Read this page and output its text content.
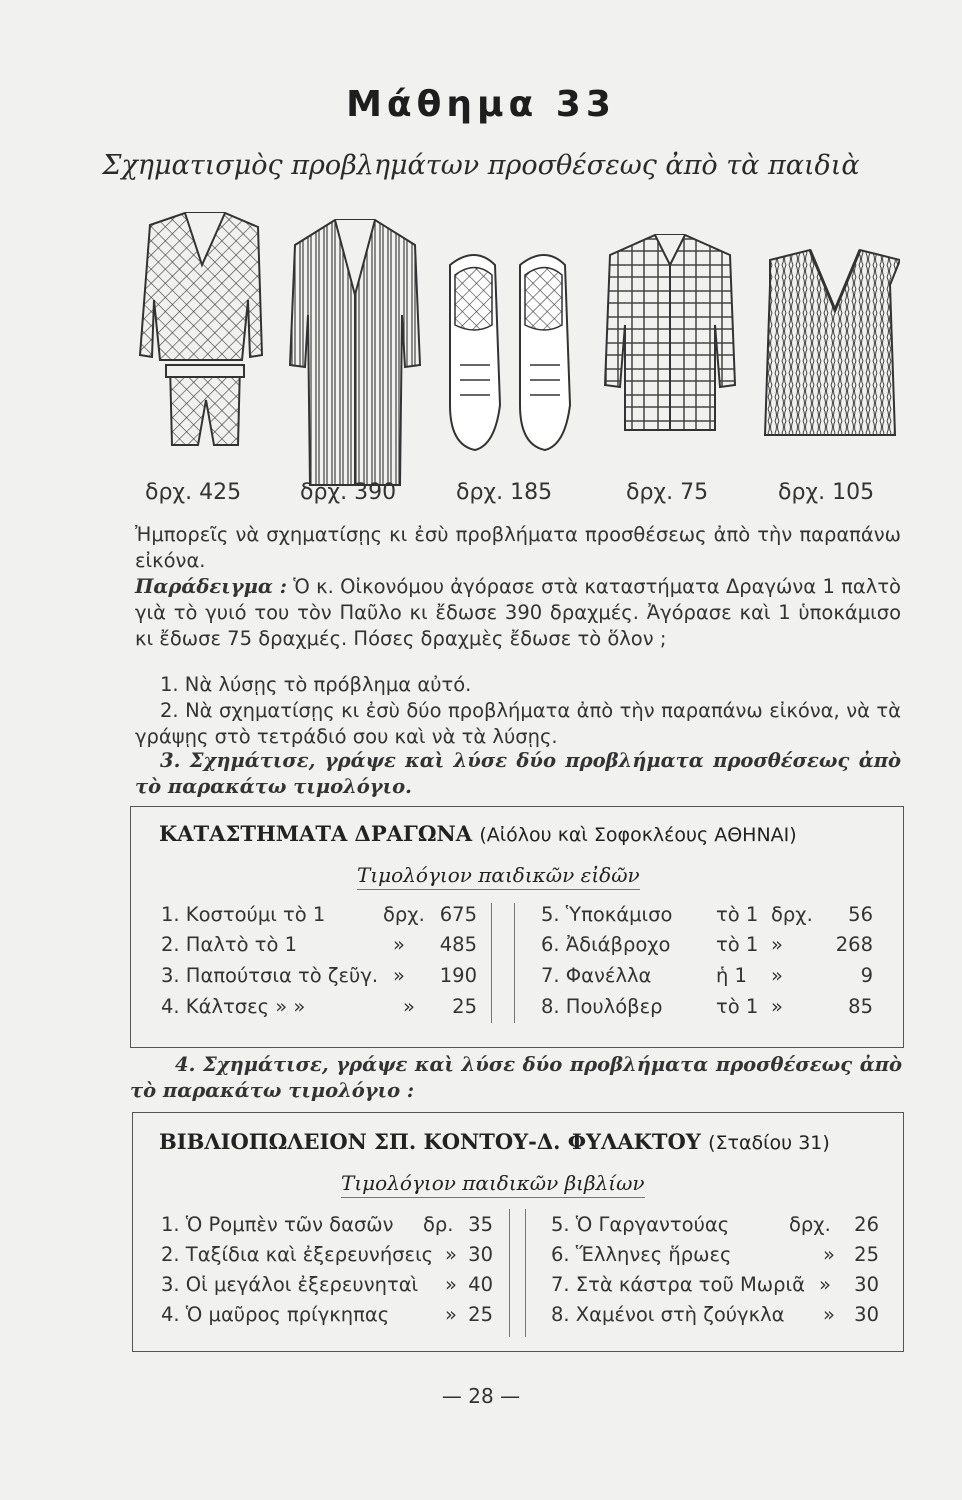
Μάθημα 33
Σχηματισμὸς προβλημάτων προσθέσεως ἀπὸ τὰ παιδιὰ
δρχ. 425	δρχ. 390	δρχ. 185	δρχ. 75	δρχ. 105
Ἠμπορεῖς νὰ σχηματίσῃς κι ἐσὺ προβλήματα προσθέσεως ἀπὸ τὴν παραπάνω εἰκόνα.
Παράδειγμα : Ὁ κ. Οἰκονόμου ἀγόρασε στὰ καταστήματα Δραγώνα 1 παλτὸ γιὰ τὸ γυιό του τὸν Παῦλο κι ἔδωσε 390 δραχμές. Ἀγόρασε καὶ 1 ὑποκάμισο κι ἔδωσε 75 δραχμές. Πόσες δραχμὲς ἔδωσε τὸ ὅλον ;
1. Νὰ λύσῃς τὸ πρόβλημα αὐτό.
2. Νὰ σχηματίσῃς κι ἐσὺ δύο προβλήματα ἀπὸ τὴν παραπάνω εἰκόνα, νὰ τὰ γράψῃς στὸ τετράδιό σου καὶ νὰ τὰ λύσῃς.
3. Σχημάτισε, γράψε καὶ λύσε δύο προβλήματα προσθέσεως ἀπὸ τὸ παρακάτω τιμολόγιο.
ΚΑΤΑΣΤΗΜΑΤΑ ΔΡΑΓΩΝΑ (Αἰόλου καὶ Σοφοκλέους ΑΘΗΝΑΙ)
Τιμολόγιον παιδικῶν εἰδῶν
1. Κοστούμι τὸ 1	δρχ. 675
2. Παλτὸ τὸ 1	»	485
3. Παπούτσια τὸ ζεῦγ. »	190
4. Κάλτσες » »	»	25
5. Ὑποκάμισο τὸ 1 δρχ.	56
6. Ἀδιάβροχο τὸ 1 »	268
7. Φανέλλα	ἡ 1 »	9
8. Πουλόβερ	τὸ 1 »	85
4. Σχημάτισε, γράψε καὶ λύσε δύο προβλήματα προσθέσεως ἀπὸ τὸ παρακάτω τιμολόγιο :
ΒΙΒΛΙΟΠΩΛΕΙΟΝ ΣΠ. ΚΟΝΤΟΥ-Δ. ΦΥΛΑΚΤΟΥ (Σταδίου 31)
Τιμολόγιον παιδικῶν βιβλίων
1. Ὁ Ρομπὲν τῶν δασῶν δρ. 35
2. Ταξίδια καὶ ἐξερευνήσεις » 30
3. Οἱ μεγάλοι ἐξερευνηταὶ » 40
4. Ὁ μαῦρος πρίγκηπας	» 25
5. Ὁ Γαργαντούας	δρχ.	26
6. Ἕλληνες ἥρωες	» 25
7. Στὰ κάστρα τοῦ Μωριᾶ »	30
8. Χαμένοι στὴ ζούγκλα » 30
— 28 —
